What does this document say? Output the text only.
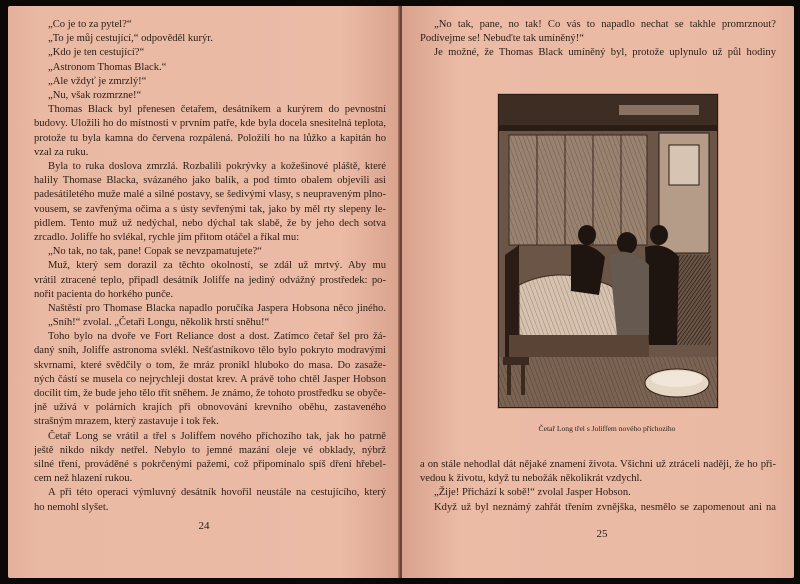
„Co je to za pytel?“
„To je můj cestující,“ odpověděl kurýr.
„Kdo je ten cestující?“
„Astronom Thomas Black.“
„Ale vždyť je zmrzlý!“
„Nu, však rozmrzne!“
Thomas Black byl přenesen četařem, desátníkem a kurýrem do pevnostní
budovy. Uložili ho do místnosti v prvním patře, kde byla docela snesitelná teplota,
protože tu byla kamna do červena rozpálená. Položili ho na lůžko a kapitán ho
vzal za ruku.
Byla to ruka doslova zmrzlá. Rozbalili pokrývky a kožešinové pláště, které
halily Thomase Blacka, svázaného jako balík, a pod tímto obalem objevili asi
padesátiletého muže malé a silné postavy, se šedivými vlasy, s neupraveným plno-
vousem, se zavřenýma očima a s ústy sevřenými tak, jako by měl rty slepeny le-
pidlem. Tento muž už nedýchal, nebo dýchal tak slabě, že by jeho dech sotva
zrcadlo. Joliffe ho svlékal, rychle jím přitom otáčel a říkal mu:
„No tak, no tak, pane! Copak se nevzpamatujete?“
Muž, který sem dorazil za těchto okolností, se zdál už mrtvý. Aby mu
vrátil ztracené teplo, připadl desátník Joliffe na jediný odvážný prostředek: po-
nořit pacienta do horkého punče.
Naštěstí pro Thomase Blacka napadlo poručíka Jaspera Hobsona něco jiného.
„Sníh!“ zvolal. „Četaři Longu, několik hrstí sněhu!“
Toho bylo na dvoře ve Fort Reliance dost a dost. Zatímco četař šel pro žá-
daný sníh, Joliffe astronoma svlékl. Nešťastníkovo tělo bylo pokryto modravými
skvrnami, které svědčily o tom, že mráz pronikl hluboko do masa. Do zasaže-
ných částí se musela co nejrychleji dostat krev. A právě toho chtěl Jasper Hobson
docílit tím, že bude jeho tělo třít sněhem. Je známo, že tohoto prostředku se obyče-
jně užívá v polárních krajích při obnovování krevního oběhu, zastaveného
strašným mrazem, který zastavuje i tok řek.
Četař Long se vrátil a třel s Joliffem nového příchozího tak, jak ho patrně
ještě nikdo nikdy netřel. Nebylo to jemné mazání oleje vé obklady, nýbrž
silné tření, prováděné s pokrčenými pažemi, což připomínalo spíš dření hřebel-
cem než hlazení rukou.
A při této operaci výmluvný desátník hovořil neustále na cestujícího, který
ho nemohl slyšet.
24
„No tak, pane, no tak! Co vás to napadlo nechat se takhle promrznout?
Podívejme se! Nebuďte tak umíněný!“
Je možné, že Thomas Black umíněný byl, protože uplynulo už půl hodiny
Četař Long třel s Joliffem nového příchozího
a on stále nehodlal dát nějaké znamení života. Všichni už ztráceli naději, že ho při-
vedou k životu, když tu nebožák několikrát vzdychl.
„Žije! Přichází k sobě!“ zvolal Jasper Hobson.
Když už byl neznámý zahřát třením zvnějška, nesmělo se zapomenout ani na
25
